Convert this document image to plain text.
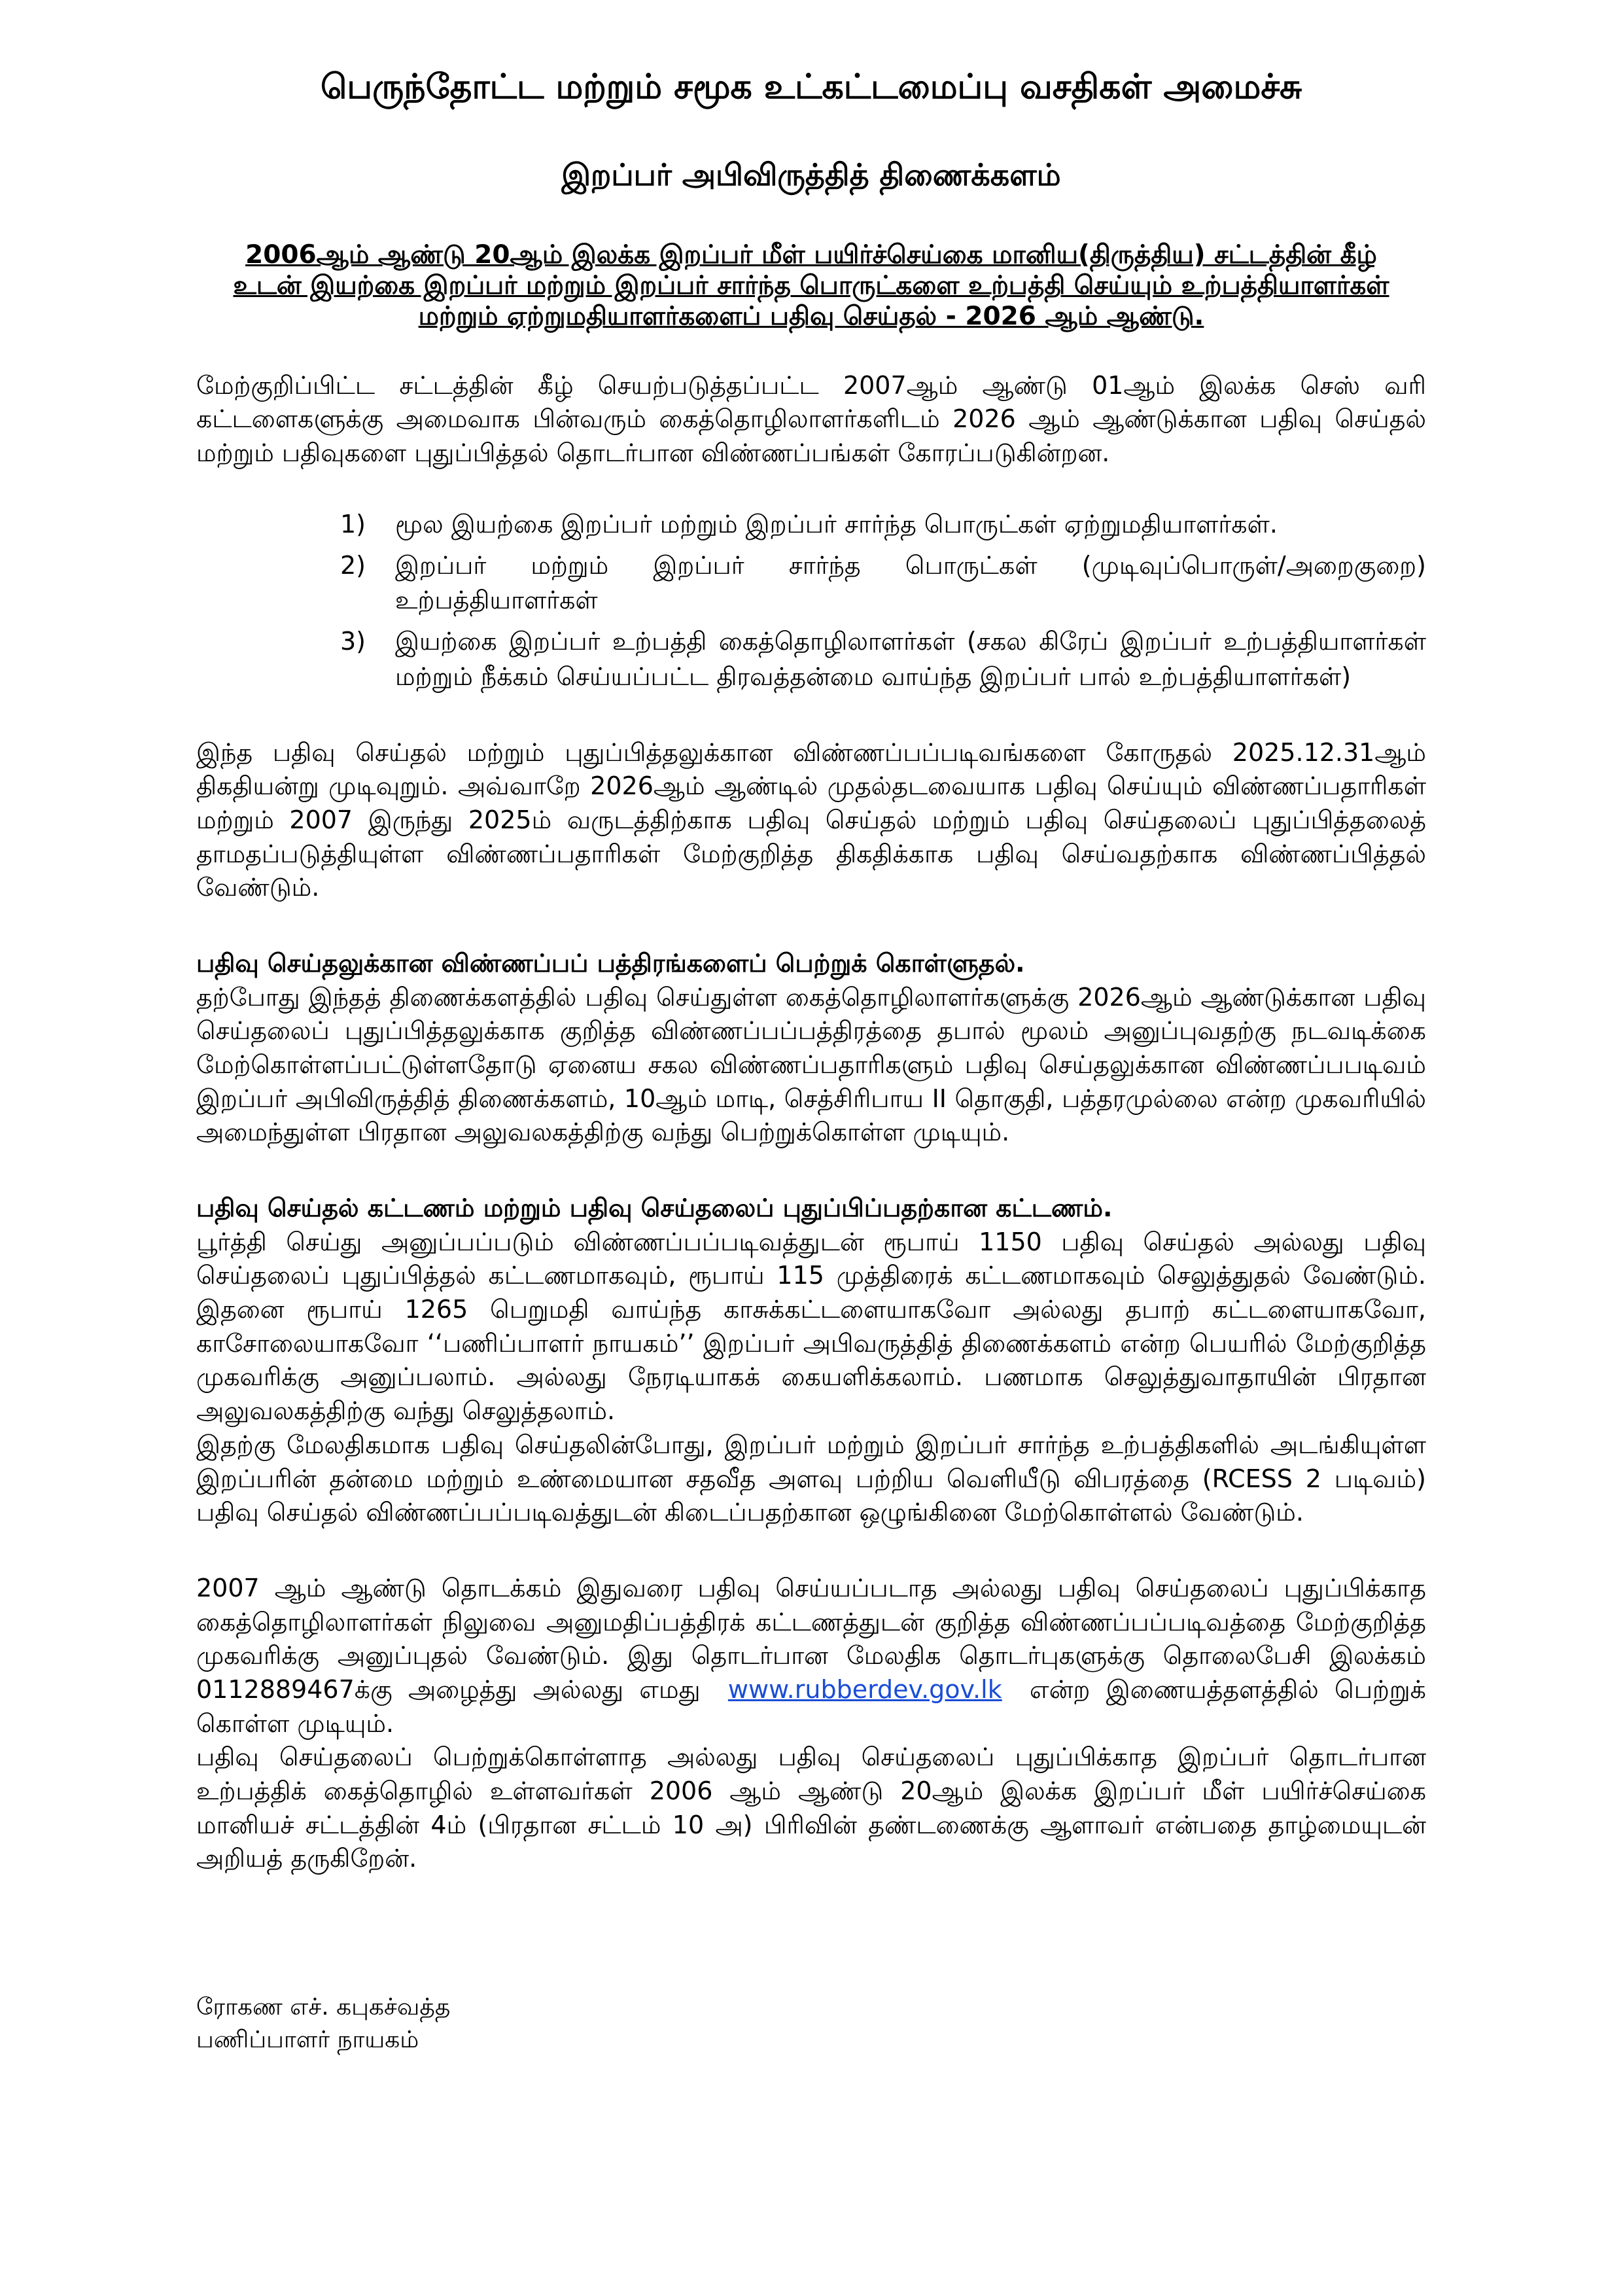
பெருந்தோட்ட மற்றும் சமூக உட்கட்டமைப்பு வசதிகள் அமைச்சு
இறப்பர் அபிவிருத்தித் திணைக்களம்

2006ஆம் ஆண்டு 20ஆம் இலக்க இறப்பர் மீள் பயிர்ச்செய்கை மானிய(திருத்திய) சட்டத்தின் கீழ் உடன் இயற்கை இறப்பர் மற்றும் இறப்பர் சார்ந்த பொருட்களை உற்பத்தி செய்யும் உற்பத்தியாளர்கள் மற்றும் ஏற்றுமதியாளர்களைப் பதிவு செய்தல் - 2026 ஆம் ஆண்டு.

மேற்குறிப்பிட்ட சட்டத்தின் கீழ் செயற்படுத்தப்பட்ட 2007ஆம் ஆண்டு 01ஆம் இலக்க செஸ் வரி கட்டளைகளுக்கு அமைவாக பின்வரும் கைத்தொழிலாளர்களிடம் 2026 ஆம் ஆண்டுக்கான பதிவு செய்தல் மற்றும் பதிவுகளை புதுப்பித்தல் தொடர்பான விண்ணப்பங்கள் கோரப்படுகின்றன.

1)	மூல இயற்கை இறப்பர் மற்றும் இறப்பர் சார்ந்த பொருட்கள் ஏற்றுமதியாளர்கள்.
2)	இறப்பர் மற்றும் இறப்பர் சார்ந்த பொருட்கள் (முடிவுப்பொருள்/அறைகுறை) உற்பத்தியாளர்கள்
3)	இயற்கை இறப்பர் உற்பத்தி கைத்தொழிலாளர்கள் (சகல கிரேப் இறப்பர் உற்பத்தியாளர்கள் மற்றும் நீக்கம் செய்யப்பட்ட திரவத்தன்மை வாய்ந்த இறப்பர் பால் உற்பத்தியாளர்கள்)

இந்த பதிவு செய்தல் மற்றும் புதுப்பித்தலுக்கான விண்ணப்பப்படிவங்களை கோருதல் 2025.12.31ஆம் திகதியன்று முடிவுறும். அவ்வாறே 2026ஆம் ஆண்டில் முதல்தடவையாக பதிவு செய்யும் விண்ணப்பதாரிகள் மற்றும் 2007 இருந்து 2025ம் வருடத்திற்காக பதிவு செய்தல் மற்றும் பதிவு செய்தலைப் புதுப்பித்தலைத் தாமதப்படுத்தியுள்ள விண்ணப்பதாரிகள் மேற்குறித்த திகதிக்காக பதிவு செய்வதற்காக விண்ணப்பித்தல் வேண்டும்.

பதிவு செய்தலுக்கான விண்ணப்பப் பத்திரங்களைப் பெற்றுக் கொள்ளுதல்.

தற்போது இந்தத் திணைக்களத்தில் பதிவு செய்துள்ள கைத்தொழிலாளர்களுக்கு 2026ஆம் ஆண்டுக்கான பதிவு செய்தலைப் புதுப்பித்தலுக்காக குறித்த விண்ணப்பப்பத்திரத்தை தபால் மூலம் அனுப்புவதற்கு நடவடிக்கை மேற்கொள்ளப்பட்டுள்ளதோடு ஏனைய சகல விண்ணப்பதாரிகளும் பதிவு செய்தலுக்கான விண்ணப்பபடிவம் இறப்பர் அபிவிருத்தித் திணைக்களம், 10ஆம் மாடி, செத்சிரிபாய II தொகுதி, பத்தரமுல்லை என்ற முகவரியில் அமைந்துள்ள பிரதான அலுவலகத்திற்கு வந்து பெற்றுக்கொள்ள முடியும்.

பதிவு செய்தல் கட்டணம் மற்றும் பதிவு செய்தலைப் புதுப்பிப்பதற்கான கட்டணம்.

பூர்த்தி செய்து அனுப்பப்படும் விண்ணப்பப்படிவத்துடன் ரூபாய் 1150 பதிவு செய்தல் அல்லது பதிவு செய்தலைப் புதுப்பித்தல் கட்டணமாகவும், ரூபாய் 115 முத்திரைக் கட்டணமாகவும் செலுத்துதல் வேண்டும். இதனை ரூபாய் 1265 பெறுமதி வாய்ந்த காசுக்கட்டளையாகவோ அல்லது தபாற் கட்டளையாகவோ, காசோலையாகவோ ‘‘பணிப்பாளர் நாயகம்’’ இறப்பர் அபிவருத்தித் திணைக்களம் என்ற பெயரில் மேற்குறித்த முகவரிக்கு அனுப்பலாம். அல்லது நேரடியாகக் கையளிக்கலாம். பணமாக செலுத்துவாதாயின் பிரதான அலுவலகத்திற்கு வந்து செலுத்தலாம்.

இதற்கு மேலதிகமாக பதிவு செய்தலின்போது, இறப்பர் மற்றும் இறப்பர் சார்ந்த உற்பத்திகளில் அடங்கியுள்ள இறப்பரின் தன்மை மற்றும் உண்மையான சதவீத அளவு பற்றிய வெளியீடு விபரத்தை (RCESS 2 படிவம்) பதிவு செய்தல் விண்ணப்பப்படிவத்துடன் கிடைப்பதற்கான ஒழுங்கினை மேற்கொள்ளல் வேண்டும்.

2007 ஆம் ஆண்டு தொடக்கம் இதுவரை பதிவு செய்யப்படாத அல்லது பதிவு செய்தலைப் புதுப்பிக்காத கைத்தொழிலாளர்கள் நிலுவை அனுமதிப்பத்திரக் கட்டணத்துடன் குறித்த விண்ணப்பப்படிவத்தை மேற்குறித்த முகவரிக்கு அனுப்புதல் வேண்டும். இது தொடர்பான மேலதிக தொடர்புகளுக்கு தொலைபேசி இலக்கம் 0112889467க்கு அழைத்து அல்லது எமது www.rubberdev.gov.lk என்ற இணையத்தளத்தில் பெற்றுக் கொள்ள முடியும்.

பதிவு செய்தலைப் பெற்றுக்கொள்ளாத அல்லது பதிவு செய்தலைப் புதுப்பிக்காத இறப்பர் தொடர்பான உற்பத்திக் கைத்தொழில் உள்ளவர்கள் 2006 ஆம் ஆண்டு 20ஆம் இலக்க இறப்பர் மீள் பயிர்ச்செய்கை மானியச் சட்டத்தின் 4ம் (பிரதான சட்டம் 10 அ) பிரிவின் தண்டணைக்கு ஆளாவர் என்பதை தாழ்மையுடன் அறியத் தருகிறேன்.

ரோகண எச். கபுகச்வத்த
பணிப்பாளர் நாயகம்
